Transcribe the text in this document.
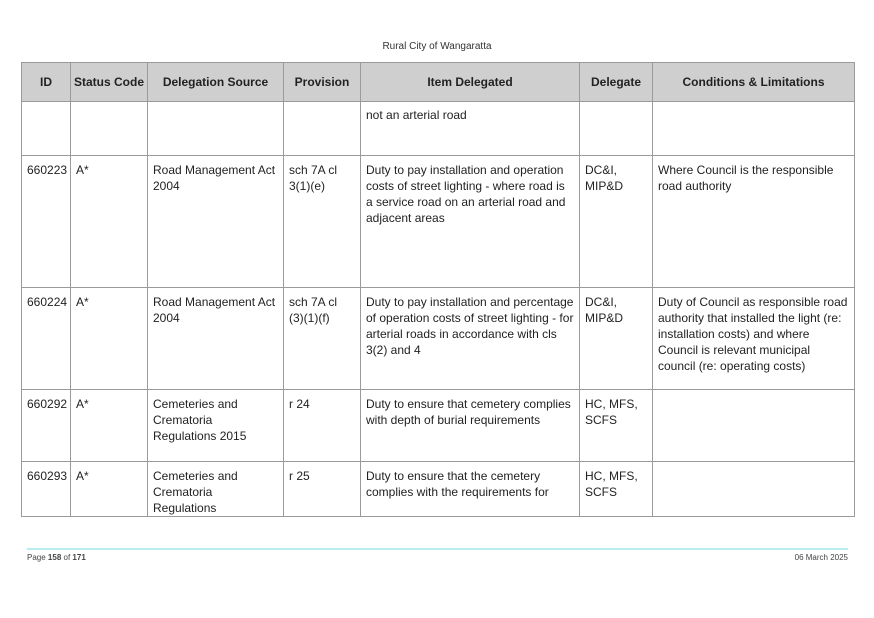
Rural City of Wangaratta
ID	Status Code	Delegation Source	Provision	Item Delegated	Delegate	Conditions & Limitations
				not an arterial road		
660223	A*	Road Management Act 2004	sch 7A cl 3(1)(e)	Duty to pay installation and operation costs of street lighting - where road is a service road on an arterial road and adjacent areas	DC&I, MIP&D	Where Council is the responsible road authority
660224	A*	Road Management Act 2004	sch 7A cl (3)(1)(f)	Duty to pay installation and percentage of operation costs of street lighting - for arterial roads in accordance with cls 3(2) and 4	DC&I, MIP&D	Duty of Council as responsible road authority that installed the light (re: installation costs) and where Council is relevant municipal council (re: operating costs)
660292	A*	Cemeteries and Crematoria Regulations 2015	r 24	Duty to ensure that cemetery complies with depth of burial requirements	HC, MFS, SCFS	
660293	A*	Cemeteries and Crematoria Regulations	r 25	Duty to ensure that the cemetery complies with the requirements for	HC, MFS, SCFS	
Page 158 of 171	06 March 2025
